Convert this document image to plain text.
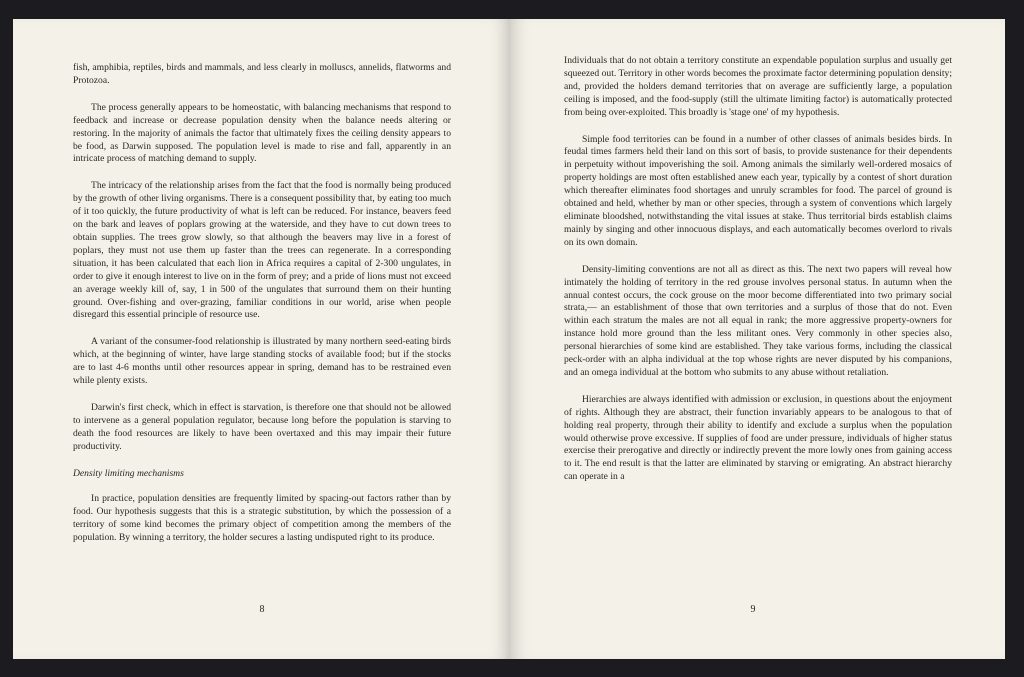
fish, amphibia, reptiles, birds and mammals, and less clearly in molluscs, annelids, flatworms and Protozoa.

The process generally appears to be homeostatic, with balancing mechanisms that respond to feedback and increase or decrease population density when the balance needs altering or restoring. In the majority of animals the factor that ultimately fixes the ceiling density appears to be food, as Darwin supposed. The population level is made to rise and fall, apparently in an intricate process of matching demand to supply.

The intricacy of the relationship arises from the fact that the food is normally being produced by the growth of other living organisms. There is a consequent possibility that, by eating too much of it too quickly, the future productivity of what is left can be reduced. For instance, beavers feed on the bark and leaves of poplars growing at the waterside, and they have to cut down trees to obtain supplies. The trees grow slowly, so that although the beavers may live in a forest of poplars, they must not use them up faster than the trees can regenerate. In a corresponding situation, it has been calculated that each lion in Africa requires a capital of 2-300 ungulates, in order to give it enough interest to live on in the form of prey; and a pride of lions must not exceed an average weekly kill of, say, 1 in 500 of the ungulates that surround them on their hunting ground. Over-fishing and over-grazing, familiar conditions in our world, arise when people disregard this essential principle of resource use.

A variant of the consumer-food relationship is illustrated by many northern seed-eating birds which, at the beginning of winter, have large standing stocks of available food; but if the stocks are to last 4-6 months until other resources appear in spring, demand has to be restrained even while plenty exists.

Darwin's first check, which in effect is starvation, is therefore one that should not be allowed to intervene as a general population regulator, because long before the population is starving to death the food resources are likely to have been overtaxed and this may impair their future productivity.

Density limiting mechanisms

In practice, population densities are frequently limited by spacing-out factors rather than by food. Our hypothesis suggests that this is a strategic substitution, by which the possession of a territory of some kind becomes the primary object of competition among the members of the population. By winning a territory, the holder secures a lasting undisputed right to its produce.

8

Individuals that do not obtain a territory constitute an expendable population surplus and usually get squeezed out. Territory in other words becomes the proximate factor determining population density; and, provided the holders demand territories that on average are sufficiently large, a population ceiling is imposed, and the food-supply (still the ultimate limiting factor) is automatically protected from being over-exploited. This broadly is 'stage one' of my hypothesis.

Simple food territories can be found in a number of other classes of animals besides birds. In feudal times farmers held their land on this sort of basis, to provide sustenance for their dependents in perpetuity without impoverishing the soil. Among animals the similarly well-ordered mosaics of property holdings are most often established anew each year, typically by a contest of short duration which thereafter eliminates food shortages and unruly scrambles for food. The parcel of ground is obtained and held, whether by man or other species, through a system of conventions which largely eliminate bloodshed, notwithstanding the vital issues at stake. Thus territorial birds establish claims mainly by singing and other innocuous displays, and each automatically becomes overlord to rivals on its own domain.

Density-limiting conventions are not all as direct as this. The next two papers will reveal how intimately the holding of territory in the red grouse involves personal status. In autumn when the annual contest occurs, the cock grouse on the moor become differentiated into two primary social strata,— an establishment of those that own territories and a surplus of those that do not. Even within each stratum the males are not all equal in rank; the more aggressive property-owners for instance hold more ground than the less militant ones. Very commonly in other species also, personal hierarchies of some kind are established. They take various forms, including the classical peck-order with an alpha individual at the top whose rights are never disputed by his companions, and an omega individual at the bottom who submits to any abuse without retaliation.

Hierarchies are always identified with admission or exclusion, in questions about the enjoyment of rights. Although they are abstract, their function invariably appears to be analogous to that of holding real property, through their ability to identify and exclude a surplus when the population would otherwise prove excessive. If supplies of food are under pressure, individuals of higher status exercise their prerogative and directly or indirectly prevent the more lowly ones from gaining access to it. The end result is that the latter are eliminated by starving or emigrating. An abstract hierarchy can operate in a

9
